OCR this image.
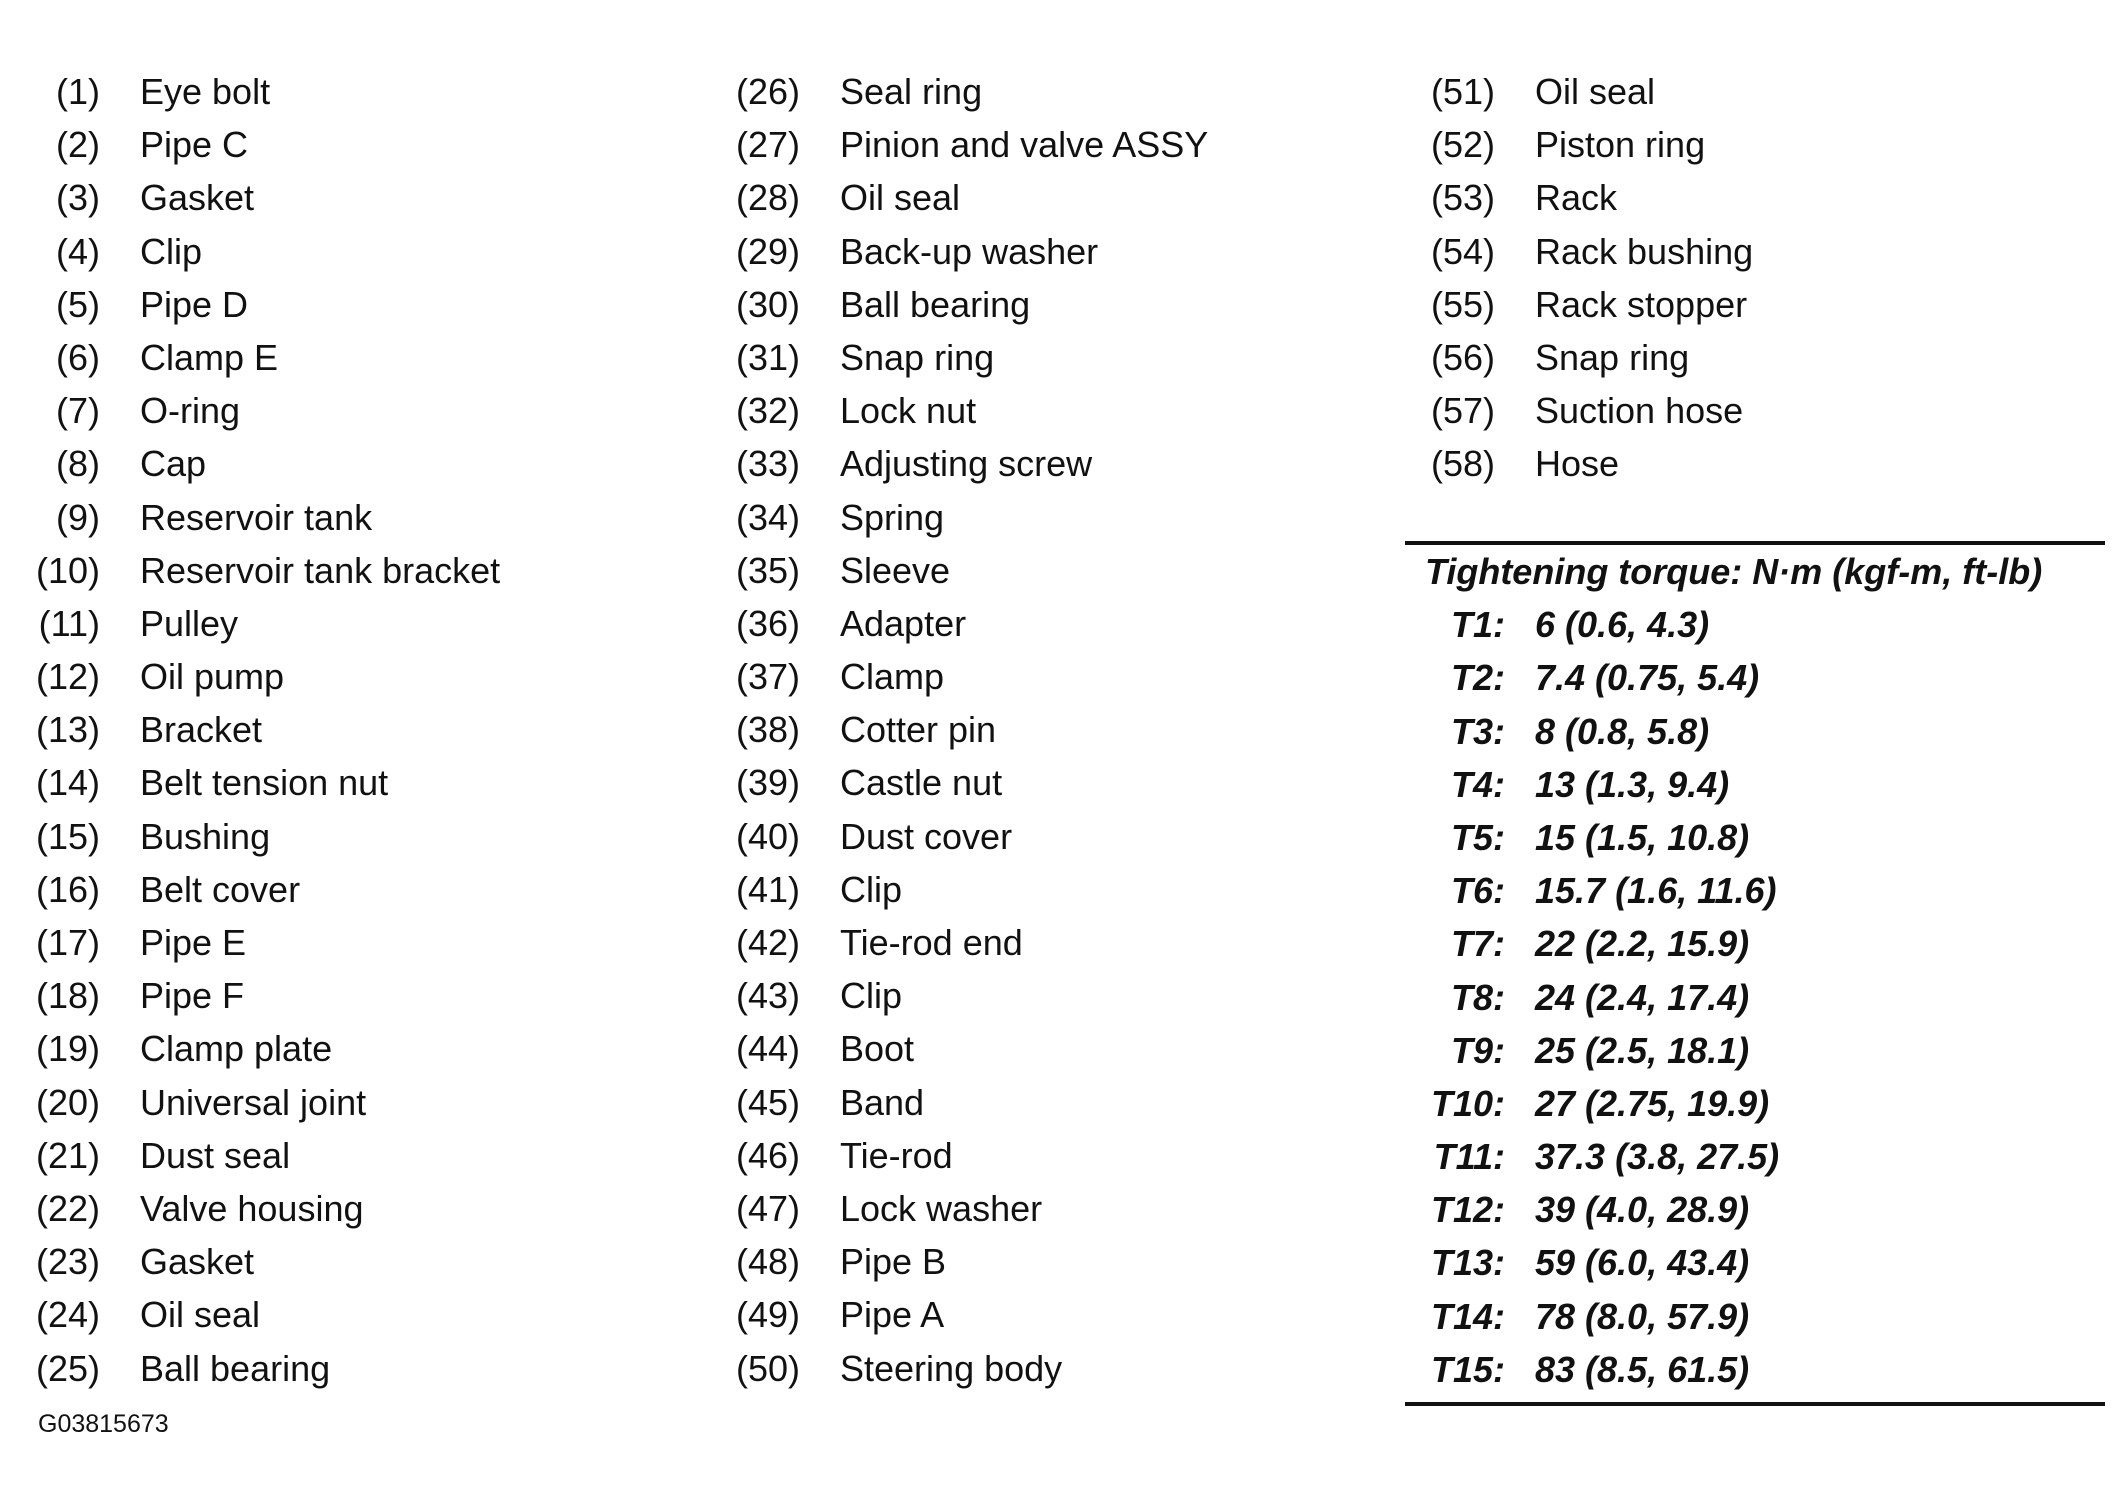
(1) Eye bolt
(2) Pipe C
(3) Gasket
(4) Clip
(5) Pipe D
(6) Clamp E
(7) O-ring
(8) Cap
(9) Reservoir tank
(10) Reservoir tank bracket
(11) Pulley
(12) Oil pump
(13) Bracket
(14) Belt tension nut
(15) Bushing
(16) Belt cover
(17) Pipe E
(18) Pipe F
(19) Clamp plate
(20) Universal joint
(21) Dust seal
(22) Valve housing
(23) Gasket
(24) Oil seal
(25) Ball bearing
(26) Seal ring
(27) Pinion and valve ASSY
(28) Oil seal
(29) Back-up washer
(30) Ball bearing
(31) Snap ring
(32) Lock nut
(33) Adjusting screw
(34) Spring
(35) Sleeve
(36) Adapter
(37) Clamp
(38) Cotter pin
(39) Castle nut
(40) Dust cover
(41) Clip
(42) Tie-rod end
(43) Clip
(44) Boot
(45) Band
(46) Tie-rod
(47) Lock washer
(48) Pipe B
(49) Pipe A
(50) Steering body
(51) Oil seal
(52) Piston ring
(53) Rack
(54) Rack bushing
(55) Rack stopper
(56) Snap ring
(57) Suction hose
(58) Hose
Tightening torque: N·m (kgf-m, ft-lb)
T1: 6 (0.6, 4.3)
T2: 7.4 (0.75, 5.4)
T3: 8 (0.8, 5.8)
T4: 13 (1.3, 9.4)
T5: 15 (1.5, 10.8)
T6: 15.7 (1.6, 11.6)
T7: 22 (2.2, 15.9)
T8: 24 (2.4, 17.4)
T9: 25 (2.5, 18.1)
T10: 27 (2.75, 19.9)
T11: 37.3 (3.8, 27.5)
T12: 39 (4.0, 28.9)
T13: 59 (6.0, 43.4)
T14: 78 (8.0, 57.9)
T15: 83 (8.5, 61.5)
G03815673
